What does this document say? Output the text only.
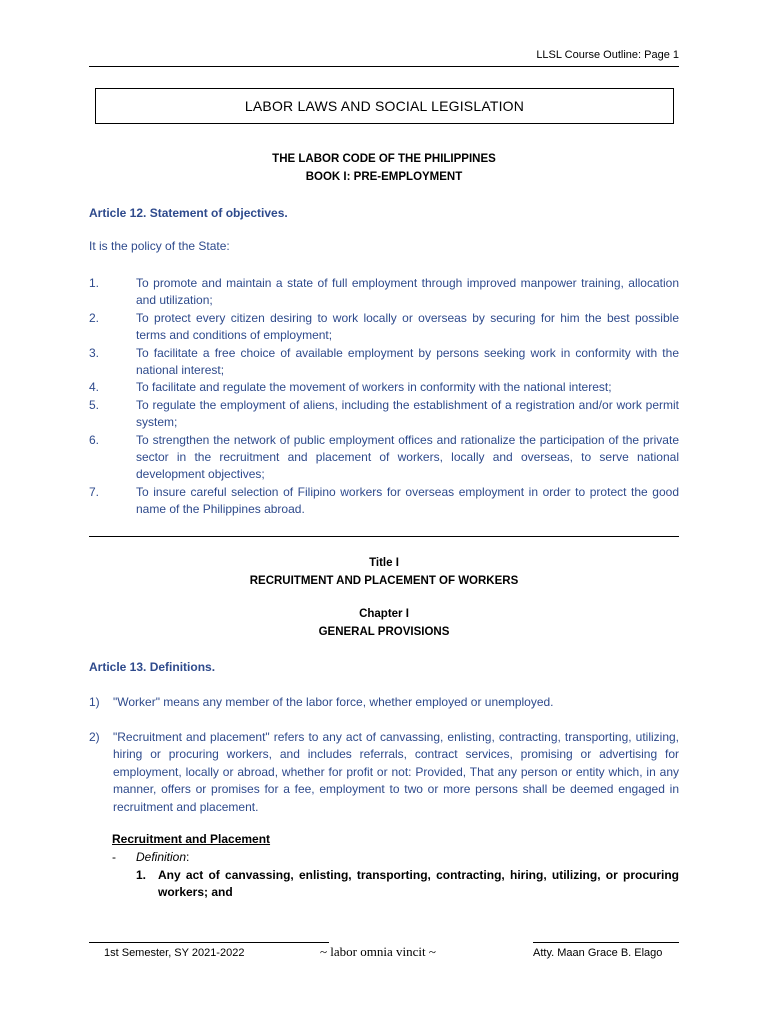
LLSL Course Outline: Page 1
LABOR LAWS AND SOCIAL LEGISLATION
THE LABOR CODE OF THE PHILIPPINES
BOOK I: PRE-EMPLOYMENT
Article 12. Statement of objectives.
It is the policy of the State:
1.	To promote and maintain a state of full employment through improved manpower training, allocation and utilization;
2.	To protect every citizen desiring to work locally or overseas by securing for him the best possible terms and conditions of employment;
3.	To facilitate a free choice of available employment by persons seeking work in conformity with the national interest;
4.	To facilitate and regulate the movement of workers in conformity with the national interest;
5.	To regulate the employment of aliens, including the establishment of a registration and/or work permit system;
6.	To strengthen the network of public employment offices and rationalize the participation of the private sector in the recruitment and placement of workers, locally and overseas, to serve national development objectives;
7.	To insure careful selection of Filipino workers for overseas employment in order to protect the good name of the Philippines abroad.
Title I
RECRUITMENT AND PLACEMENT OF WORKERS
Chapter I
GENERAL PROVISIONS
Article 13. Definitions.
1)	"Worker" means any member of the labor force, whether employed or unemployed.
2)	"Recruitment and placement" refers to any act of canvassing, enlisting, contracting, transporting, utilizing, hiring or procuring workers, and includes referrals, contract services, promising or advertising for employment, locally or abroad, whether for profit or not: Provided, That any person or entity which, in any manner, offers or promises for a fee, employment to two or more persons shall be deemed engaged in recruitment and placement.
Recruitment and Placement
-	Definition :
1. Any act of canvassing, enlisting, transporting, contracting, hiring, utilizing, or procuring workers; and
1st Semester, SY 2021-2022	~ labor omnia vincit ~	Atty. Maan Grace B. Elago
